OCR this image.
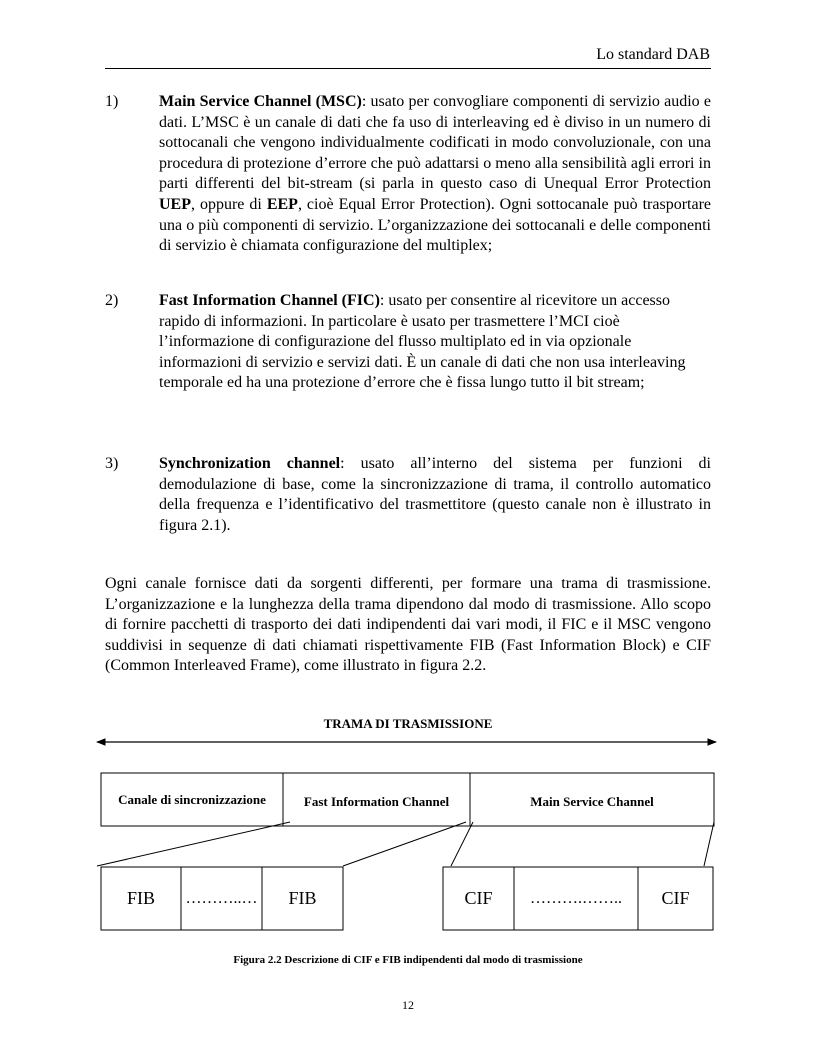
Lo standard DAB
1)	Main Service Channel (MSC): usato per convogliare componenti di servizio audio e dati. L’MSC è un canale di dati che fa uso di interleaving ed è diviso in un numero di sottocanali che vengono individualmente codificati in modo convoluzionale, con una procedura di protezione d’errore che può adattarsi o meno alla sensibilità agli errori in parti differenti del bit-stream (si parla in questo caso di Unequal Error Protection UEP, oppure di EEP, cioè Equal Error Protection). Ogni sottocanale può trasportare una o più componenti di servizio. L’organizzazione dei sottocanali e delle componenti di servizio è chiamata configurazione del multiplex;
2)	Fast Information Channel (FIC): usato per consentire al ricevitore un accesso rapido di informazioni. In particolare è usato per trasmettere l’MCI cioè l’informazione di configurazione del flusso multiplato ed in via opzionale informazioni di servizio e servizi dati. È un canale di dati che non usa interleaving temporale ed ha una protezione d’errore che è fissa lungo tutto il bit stream;
3)	Synchronization channel: usato all’interno del sistema per funzioni di demodulazione di base, come la sincronizzazione di trama, il controllo automatico della frequenza e l’identificativo del trasmettitore (questo canale non è illustrato in figura 2.1).
Ogni canale fornisce dati da sorgenti differenti, per formare una trama di trasmissione. L’organizzazione e la lunghezza della trama dipendono dal modo di trasmissione. Allo scopo di fornire pacchetti di trasporto dei dati indipendenti dai vari modi, il FIC e il MSC vengono suddivisi in sequenze di dati chiamati rispettivamente FIB (Fast Information Block) e CIF (Common Interleaved Frame), come illustrato in figura 2.2.
TRAMA DI TRASMISSIONE
Canale di sincronizzazione	Fast Information Channel	Main Service Channel
FIB	………..…	FIB	CIF	……….……..	CIF
Figura 2.2 Descrizione di CIF e FIB indipendenti dal modo di trasmissione
12
